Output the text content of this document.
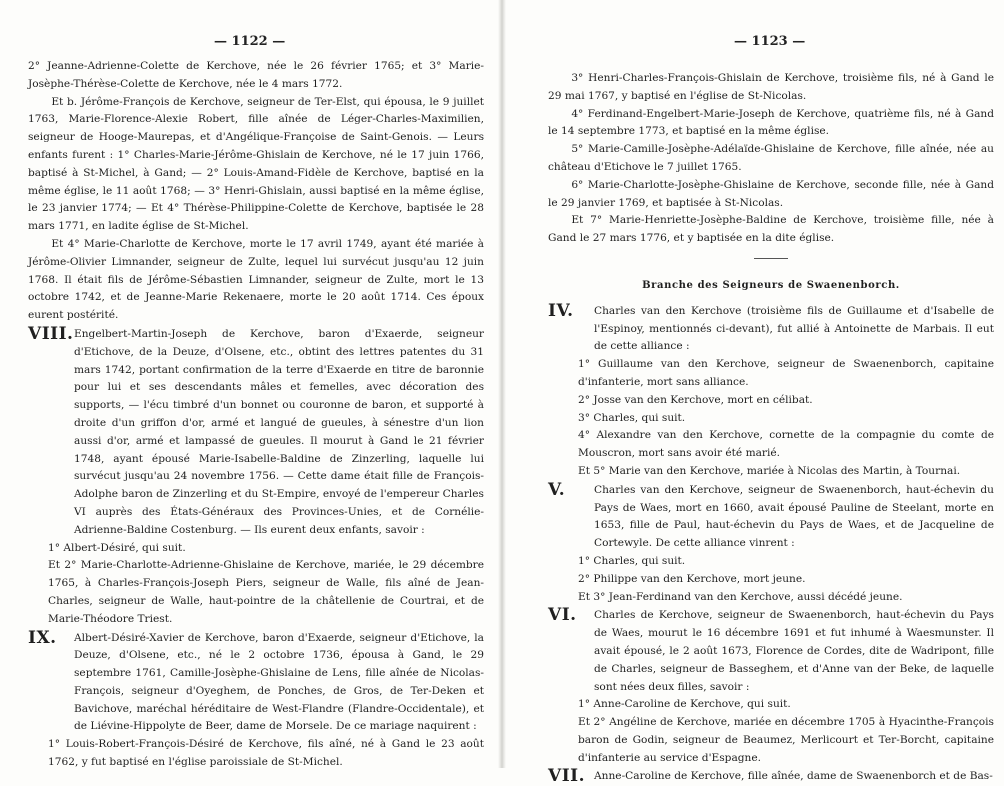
— 1122 —

2° Jeanne-Adrienne-Colette de Kerchove, née le 26 février 1765; et 3° Marie-Josèphe-Thérèse-Colette de Kerchove, née le 4 mars 1772.

Et b. Jérôme-François de Kerchove, seigneur de Ter-Elst, qui épousa, le 9 juillet 1763, Marie-Florence-Alexie Robert, fille aînée de Léger-Charles-Maximilien, seigneur de Hooge-Maurepas, et d'Angélique-Françoise de Saint-Genois. — Leurs enfants furent : 1° Charles-Marie-Jérôme-Ghislain de Kerchove, né le 17 juin 1766, baptisé à St-Michel, à Gand; — 2° Louis-Amand-Fidèle de Kerchove, baptisé en la même église, le 11 août 1768; — 3° Henri-Ghislain, aussi baptisé en la même église, le 23 janvier 1774; — Et 4° Thérèse-Philippine-Colette de Kerchove, baptisée le 28 mars 1771, en ladite église de St-Michel.

Et 4° Marie-Charlotte de Kerchove, morte le 17 avril 1749, ayant été mariée à Jérôme-Olivier Limnander, seigneur de Zulte, lequel lui survécut jusqu'au 12 juin 1768. Il était fils de Jérôme-Sébastien Limnander, seigneur de Zulte, mort le 13 octobre 1742, et de Jeanne-Marie Rekenaere, morte le 20 août 1714. Ces époux eurent postérité.

VIII. Engelbert-Martin-Joseph de Kerchove, baron d'Exaerde, seigneur d'Etichove, de la Deuze, d'Olsene, etc., obtint des lettres patentes du 31 mars 1742, portant confirmation de la terre d'Exaerde en titre de baronnie pour lui et ses descendants mâles et femelles, avec décoration des supports, — l'écu timbré d'un bonnet ou couronne de baron, et supporté à droite d'un griffon d'or, armé et langué de gueules, à sénestre d'un lion aussi d'or, armé et lampassé de gueules. Il mourut à Gand le 21 février 1748, ayant épousé Marie-Isabelle-Baldine de Zinzerling, laquelle lui survécut jusqu'au 24 novembre 1756. — Cette dame était fille de François-Adolphe baron de Zinzerling et du St-Empire, envoyé de l'empereur Charles VI auprès des États-Généraux des Provinces-Unies, et de Cornélie-Adrienne-Baldine Costenburg. — Ils eurent deux enfants, savoir :

1° Albert-Désiré, qui suit.

Et 2° Marie-Charlotte-Adrienne-Ghislaine de Kerchove, mariée, le 29 décembre 1765, à Charles-François-Joseph Piers, seigneur de Walle, fils aîné de Jean-Charles, seigneur de Walle, haut-pointre de la châtellenie de Courtrai, et de Marie-Théodore Triest.

IX.	Albert-Désiré-Xavier de Kerchove, baron d'Exaerde, seigneur d'Etichove, la Deuze, d'Olsene, etc., né le 2 octobre 1736, épousa à Gand, le 29 septembre 1761, Camille-Josèphe-Ghislaine de Lens, fille aînée de Nicolas-François, seigneur d'Oyeghem, de Ponches, de Gros, de Ter-Deken et Bavichove, maréchal héréditaire de West-Flandre (Flandre-Occidentale), et de Liévine-Hippolyte de Beer, dame de Morsele. De ce mariage naquirent :

1° Louis-Robert-François-Désiré de Kerchove, fils aîné, né à Gand le 23 août 1762, y fut baptisé en l'église paroissiale de St-Michel.

— 1123 —

3° Henri-Charles-François-Ghislain de Kerchove, troisième fils, né à Gand le 29 mai 1767, y baptisé en l'église de St-Nicolas.

4° Ferdinand-Engelbert-Marie-Joseph de Kerchove, quatrième fils, né à Gand le 14 septembre 1773, et baptisé en la même église.

5° Marie-Camille-Josèphe-Adélaïde-Ghislaine de Kerchove, fille aînée, née au château d'Etichove le 7 juillet 1765.

6° Marie-Charlotte-Josèphe-Ghislaine de Kerchove, seconde fille, née à Gand le 29 janvier 1769, et baptisée à St-Nicolas.

Et 7° Marie-Henriette-Josèphe-Baldine de Kerchove, troisième fille, née à Gand le 27 mars 1776, et y baptisée en la dite église.

Branche des Seigneurs de Swaenenborch.
IV.	Charles van den Kerchove (troisième fils de Guillaume et d'Isabelle de l'Espinoy, mentionnés ci-devant), fut allié à Antoinette de Marbais. Il eut de cette alliance :

1° Guillaume van den Kerchove, seigneur de Swaenenborch, capitaine d'infanterie, mort sans alliance.

2° Josse van den Kerchove, mort en célibat.

3° Charles, qui suit.

4° Alexandre van den Kerchove, cornette de la compagnie du comte de Mouscron, mort sans avoir été marié.

Et 5° Marie van den Kerchove, mariée à Nicolas des Martin, à Tournai.

V.	Charles van den Kerchove, seigneur de Swaenenborch, haut-échevin du Pays de Waes, mort en 1660, avait épousé Pauline de Steelant, morte en 1653, fille de Paul, haut-échevin du Pays de Waes, et de Jacqueline de Cortewyle. De cette alliance vinrent :

1° Charles, qui suit.

2° Philippe van den Kerchove, mort jeune.

Et 3° Jean-Ferdinand van den Kerchove, aussi décédé jeune.

VI.	Charles de Kerchove, seigneur de Swaenenborch, haut-échevin du Pays de Waes, mourut le 16 décembre 1691 et fut inhumé à Waesmunster. Il avait épousé, le 2 août 1673, Florence de Cordes, dite de Wadripont, fille de Charles, seigneur de Basseghem, et d'Anne van der Beke, de laquelle sont nées deux filles, savoir :

1° Anne-Caroline de Kerchove, qui suit.

Et 2° Angéline de Kerchove, mariée en décembre 1705 à Hyacinthe-François baron de Godin, seigneur de Beaumez, Merlicourt et Ter-Borcht, capitaine d'infanterie au service d'Espagne.

VII. Anne-Caroline de Kerchove, fille aînée, dame de Swaenenborch et de Bas-
